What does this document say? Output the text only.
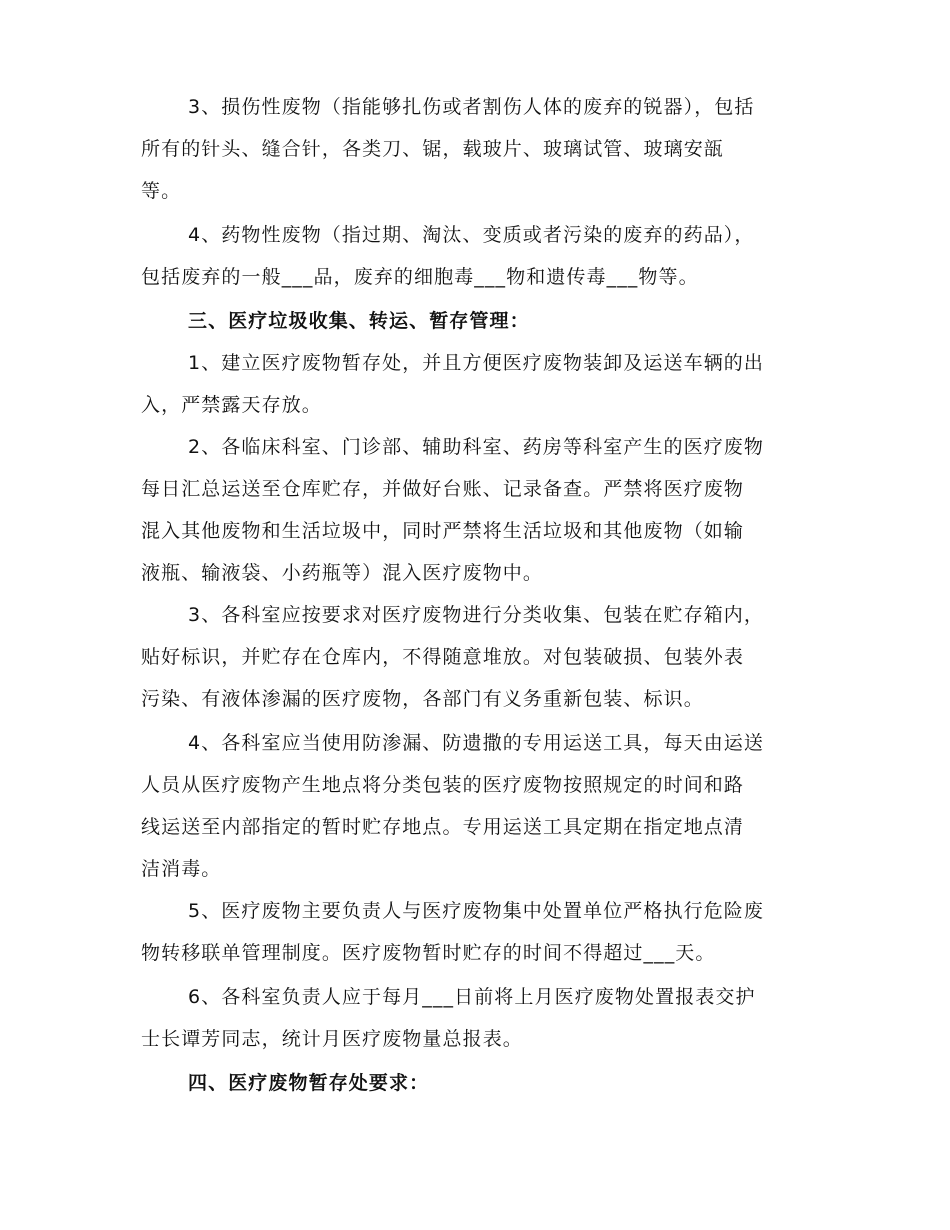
3、损伤性废物（指能够扎伤或者割伤人体的废弃的锐器），包括
所有的针头、缝合针，各类刀、锯，载玻片、玻璃试管、玻璃安瓿
等。
4、药物性废物（指过期、淘汰、变质或者污染的废弃的药品），
包括废弃的一般___品，废弃的细胞毒___物和遗传毒___物等。
三、医疗垃圾收集、转运、暂存管理：
1、建立医疗废物暂存处，并且方便医疗废物装卸及运送车辆的出
入，严禁露天存放。
2、各临床科室、门诊部、辅助科室、药房等科室产生的医疗废物
每日汇总运送至仓库贮存，并做好台账、记录备查。严禁将医疗废物
混入其他废物和生活垃圾中，同时严禁将生活垃圾和其他废物（如输
液瓶、输液袋、小药瓶等）混入医疗废物中。
3、各科室应按要求对医疗废物进行分类收集、包装在贮存箱内，
贴好标识，并贮存在仓库内，不得随意堆放。对包装破损、包装外表
污染、有液体渗漏的医疗废物，各部门有义务重新包装、标识。
4、各科室应当使用防渗漏、防遗撒的专用运送工具，每天由运送
人员从医疗废物产生地点将分类包装的医疗废物按照规定的时间和路
线运送至内部指定的暂时贮存地点。专用运送工具定期在指定地点清
洁消毒。
5、医疗废物主要负责人与医疗废物集中处置单位严格执行危险废
物转移联单管理制度。医疗废物暂时贮存的时间不得超过___天。
6、各科室负责人应于每月___日前将上月医疗废物处置报表交护
士长谭芳同志，统计月医疗废物量总报表。
四、医疗废物暂存处要求：
